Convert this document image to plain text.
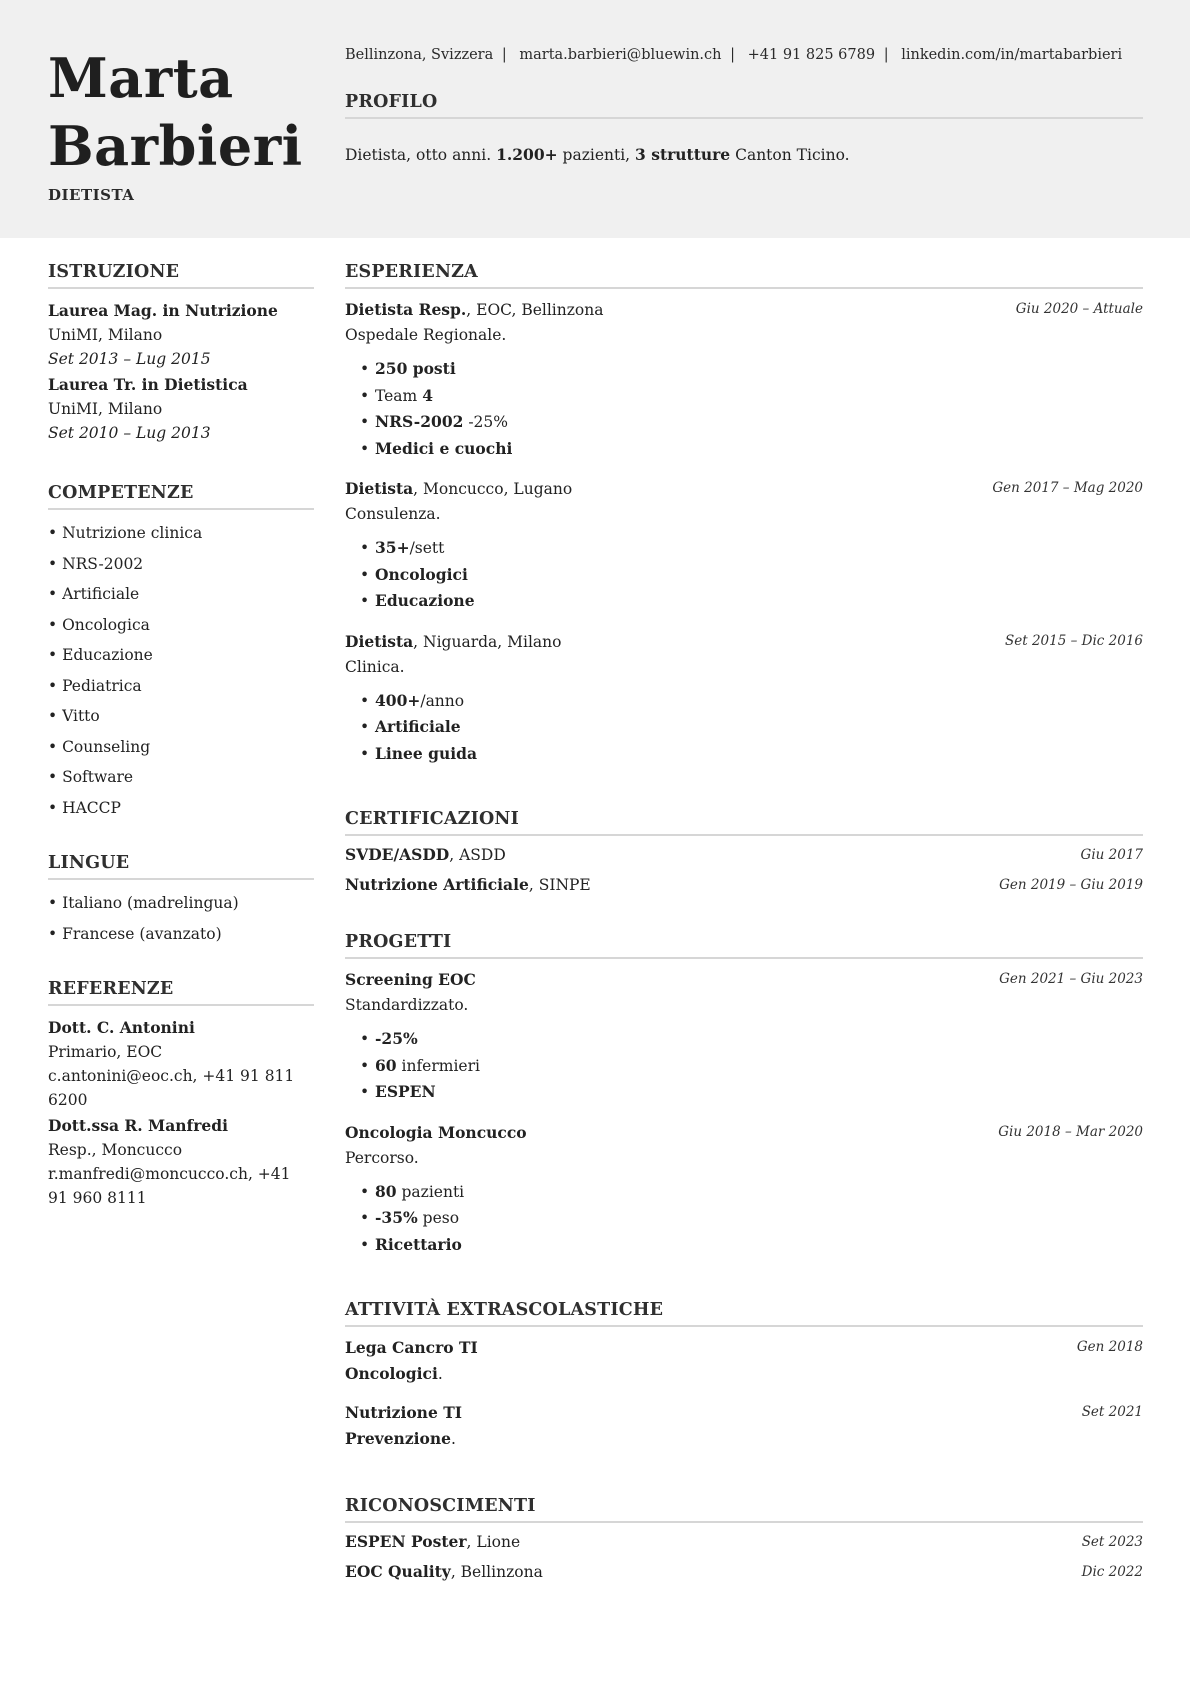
Marta
Barbieri
DIETISTA
Bellinzona, Svizzera | marta.barbieri@bluewin.ch | +41 91 825 6789 | linkedin.com/in/martabarbieri
PROFILO
Dietista, otto anni. 1.200+ pazienti, 3 strutture Canton Ticino.
ISTRUZIONE
Laurea Mag. in Nutrizione
UniMI, Milano
Set 2013 – Lug 2015
Laurea Tr. in Dietistica
UniMI, Milano
Set 2010 – Lug 2013
COMPETENZE
• Nutrizione clinica
• NRS-2002
• Artificiale
• Oncologica
• Educazione
• Pediatrica
• Vitto
• Counseling
• Software
• HACCP
LINGUE
• Italiano (madrelingua)
• Francese (avanzato)
REFERENZE
Dott. C. Antonini
Primario, EOC
c.antonini@eoc.ch, +41 91 811 6200
Dott.ssa R. Manfredi
Resp., Moncucco
r.manfredi@moncucco.ch, +41 91 960 8111
ESPERIENZA
Dietista Resp., EOC, Bellinzona	Giu 2020 – Attuale
Ospedale Regionale.
• 250 posti
• Team 4
• NRS-2002 -25%
• Medici e cuochi
Dietista, Moncucco, Lugano	Gen 2017 – Mag 2020
Consulenza.
• 35+/sett
• Oncologici
• Educazione
Dietista, Niguarda, Milano	Set 2015 – Dic 2016
Clinica.
• 400+/anno
• Artificiale
• Linee guida
CERTIFICAZIONI
SVDE/ASDD, ASDD	Giu 2017
Nutrizione Artificiale, SINPE	Gen 2019 – Giu 2019
PROGETTI
Screening EOC	Gen 2021 – Giu 2023
Standardizzato.
• -25%
• 60 infermieri
• ESPEN
Oncologia Moncucco	Giu 2018 – Mar 2020
Percorso.
• 80 pazienti
• -35% peso
• Ricettario
ATTIVITÀ EXTRASCOLASTICHE
Lega Cancro TI	Gen 2018
Oncologici.
Nutrizione TI	Set 2021
Prevenzione.
RICONOSCIMENTI
ESPEN Poster, Lione	Set 2023
EOC Quality, Bellinzona	Dic 2022
